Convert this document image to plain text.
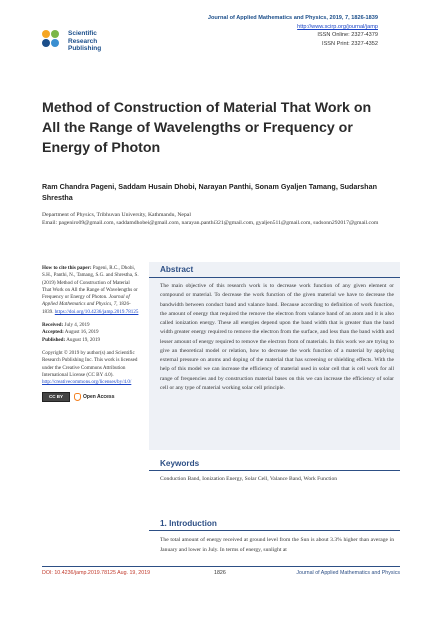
Scientific
Research
Publishing
Journal of Applied Mathematics and Physics, 2019, 7, 1826-1839
http://www.scirp.org/journal/jamp
ISSN Online: 2327-4379
ISSN Print: 2327-4352
Method of Construction of Material That Work on All the Range of Wavelengths or Frequency or Energy of Photon
Ram Chandra Pageni, Saddam Husain Dhobi, Narayan Panthi, Sonam Gyaljen Tamang, Sudarshan Shrestha
Department of Physics, Tribhuvan University, Kathmandu, Nepal
Email: pageniro09@gmail.com, saddamdhobei@gmail.com, narayan.panthi321@gmail.com, gyaljen511@gmail.com, sudsonn292017@gmail.com

How to cite this paper: Pageni, R.C., Dhobi, S.H., Panthi, N., Tamang, S.G. and Shrestha, S. (2019) Method of Construction of Material That Work on All the Range of Wavelengths or Frequency or Energy of Photon. Journal of Applied Mathematics and Physics, 7, 1826-1839. https://doi.org/10.4236/jamp.2019.78125

Received: July 4, 2019
Accepted: August 16, 2019
Published: August 19, 2019

Copyright © 2019 by author(s) and Scientific Research Publishing Inc. This work is licensed under the Creative Commons Attribution International License (CC BY 4.0).
http://creativecommons.org/licenses/by/4.0/

CC BY	Open Access
Abstract

The main objective of this research work is to decrease work function of any given element or compound or material. To decrease the work function of the given material we have to decrease the bandwidth between conduct band and valance band. Because according to definition of work function, the amount of energy that required the remove the electron from valance band of an atom and it is also called ionization energy. These all energies depend upon the band width that is greater than the band width greater energy required to remove the electron from the surface, and less than the band width and lesser amount of energy required to remove the electron from of materials. In this work we are trying to give an theoretical model or relation, how to decrease the work function of a material by applying external pressure on atoms and doping of the material that has screening or shielding effects. With the help of this model we can increase the efficiency of material used in solar cell that is cell work for all range of frequencies and by construction material bases on this we can increase the efficiency of solar cell or any type of material working solar cell principle.

Keywords

Conduction Band, Ionization Energy, Solar Cell, Valance Band, Work Function

1. Introduction

The total amount of energy received at ground level from the Sun is about 3.3% higher than average in January and lower in July. In terms of energy, sunlight at

DOI: 10.4236/jamp.2019.78125 Aug. 19, 2019	1826	Journal of Applied Mathematics and Physics
